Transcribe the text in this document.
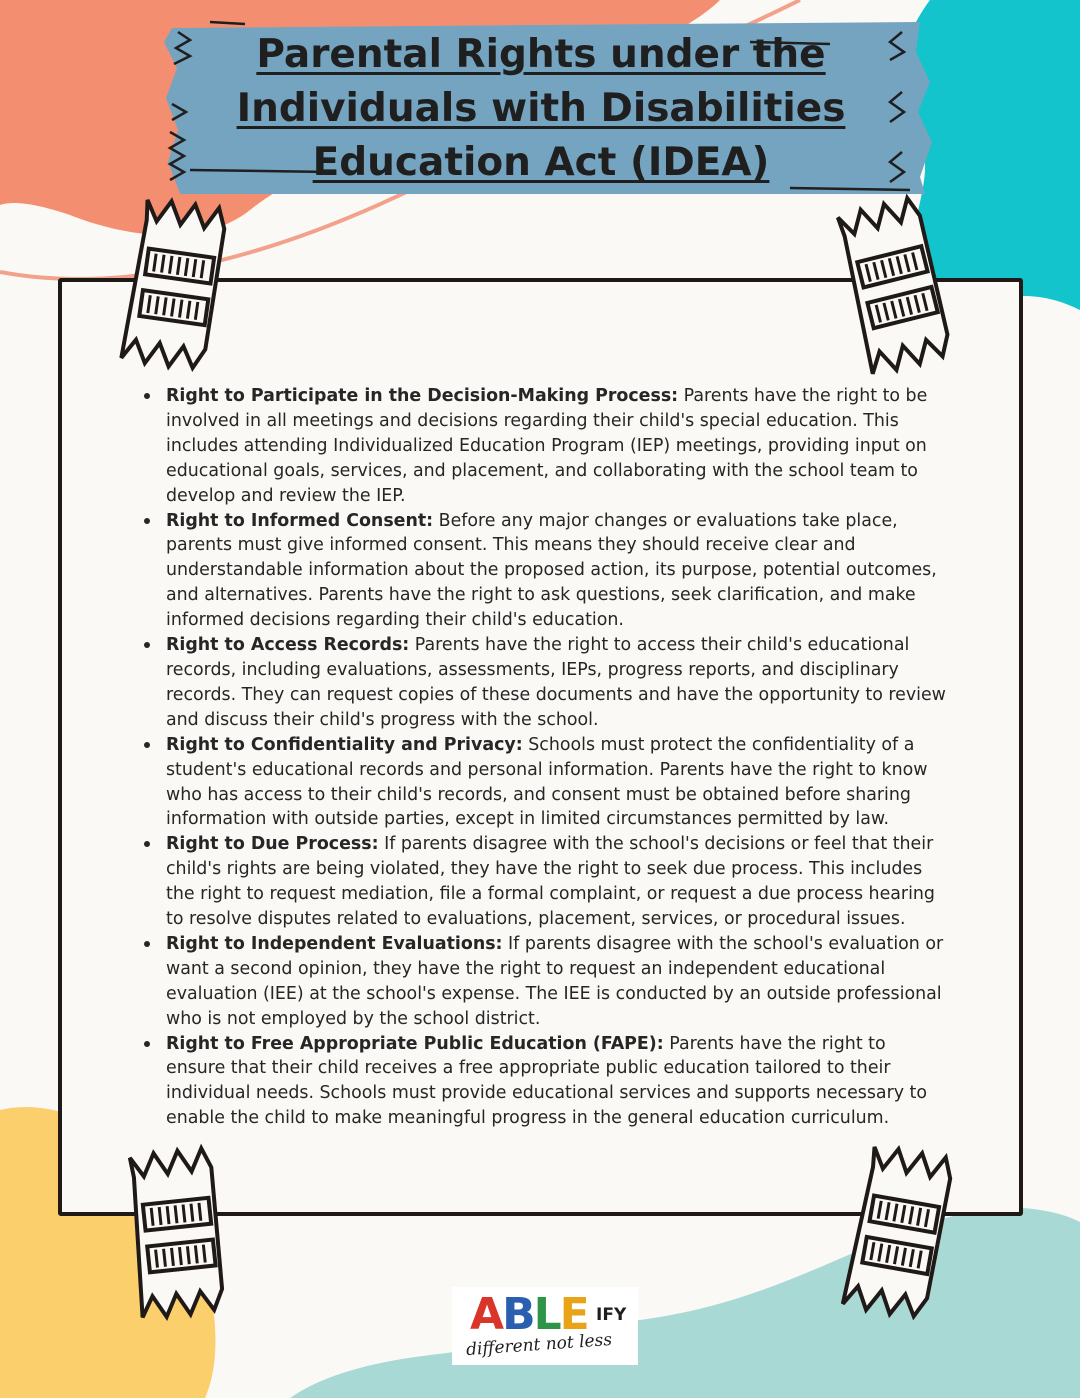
Parental Rights under the
Individuals with Disabilities
Education Act (IDEA)
Right to Participate in the Decision-Making Process: Parents have the right to be involved in all meetings and decisions regarding their child's special education. This includes attending Individualized Education Program (IEP) meetings, providing input on educational goals, services, and placement, and collaborating with the school team to develop and review the IEP.
Right to Informed Consent: Before any major changes or evaluations take place, parents must give informed consent. This means they should receive clear and understandable information about the proposed action, its purpose, potential outcomes, and alternatives. Parents have the right to ask questions, seek clarification, and make informed decisions regarding their child's education.
Right to Access Records: Parents have the right to access their child's educational records, including evaluations, assessments, IEPs, progress reports, and disciplinary records. They can request copies of these documents and have the opportunity to review and discuss their child's progress with the school.
Right to Confidentiality and Privacy: Schools must protect the confidentiality of a student's educational records and personal information. Parents have the right to know who has access to their child's records, and consent must be obtained before sharing information with outside parties, except in limited circumstances permitted by law.
Right to Due Process: If parents disagree with the school's decisions or feel that their child's rights are being violated, they have the right to seek due process. This includes the right to request mediation, file a formal complaint, or request a due process hearing to resolve disputes related to evaluations, placement, services, or procedural issues.
Right to Independent Evaluations: If parents disagree with the school's evaluation or want a second opinion, they have the right to request an independent educational evaluation (IEE) at the school's expense. The IEE is conducted by an outside professional who is not employed by the school district.
Right to Free Appropriate Public Education (FAPE): Parents have the right to ensure that their child receives a free appropriate public education tailored to their individual needs. Schools must provide educational services and supports necessary to enable the child to make meaningful progress in the general education curriculum.
ABLE IFY
different not less
